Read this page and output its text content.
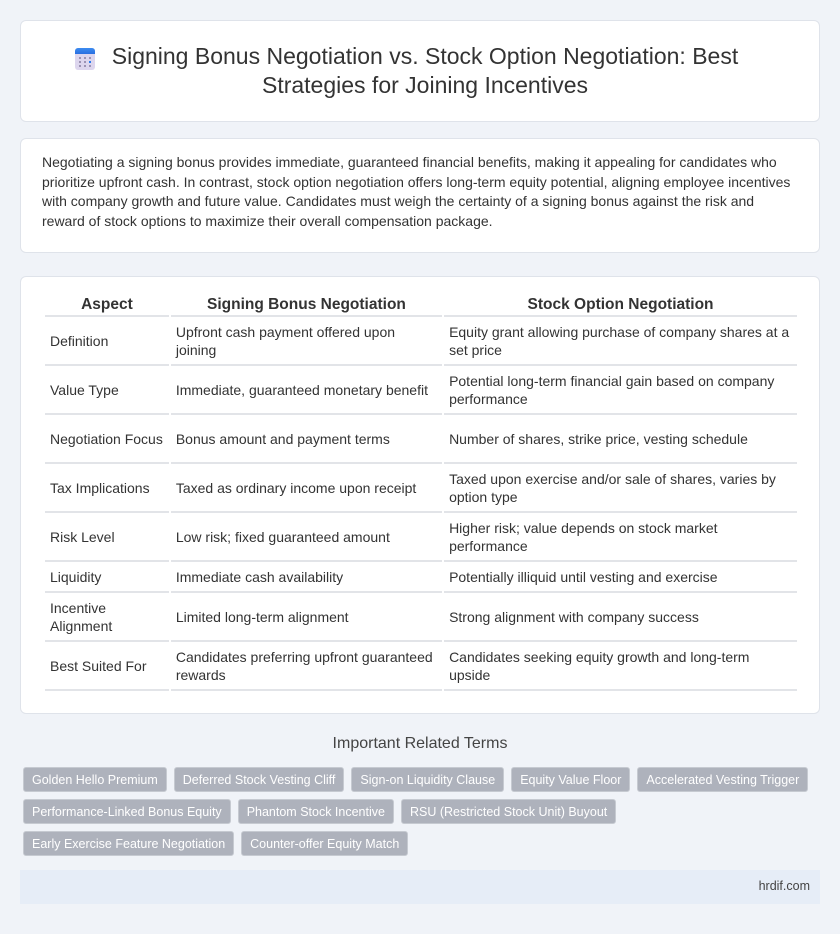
Signing Bonus Negotiation vs. Stock Option Negotiation: Best Strategies for Joining Incentives

Negotiating a signing bonus provides immediate, guaranteed financial benefits, making it appealing for candidates who prioritize upfront cash. In contrast, stock option negotiation offers long-term equity potential, aligning employee incentives with company growth and future value. Candidates must weigh the certainty of a signing bonus against the risk and reward of stock options to maximize their overall compensation package.

Aspect	Signing Bonus Negotiation	Stock Option Negotiation
Definition	Upfront cash payment offered upon joining	Equity grant allowing purchase of company shares at a set price
Value Type	Immediate, guaranteed monetary benefit	Potential long-term financial gain based on company performance
Negotiation Focus	Bonus amount and payment terms	Number of shares, strike price, vesting schedule
Tax Implications	Taxed as ordinary income upon receipt	Taxed upon exercise and/or sale of shares, varies by option type
Risk Level	Low risk; fixed guaranteed amount	Higher risk; value depends on stock market performance
Liquidity	Immediate cash availability	Potentially illiquid until vesting and exercise
Incentive Alignment	Limited long-term alignment	Strong alignment with company success
Best Suited For	Candidates preferring upfront guaranteed rewards	Candidates seeking equity growth and long-term upside
Important Related Terms
Golden Hello Premium	Deferred Stock Vesting Cliff	Sign-on Liquidity Clause	Equity Value Floor	Accelerated Vesting Trigger
Performance-Linked Bonus Equity	Phantom Stock Incentive	RSU (Restricted Stock Unit) Buyout
Early Exercise Feature Negotiation	Counter-offer Equity Match
hrdif.com
